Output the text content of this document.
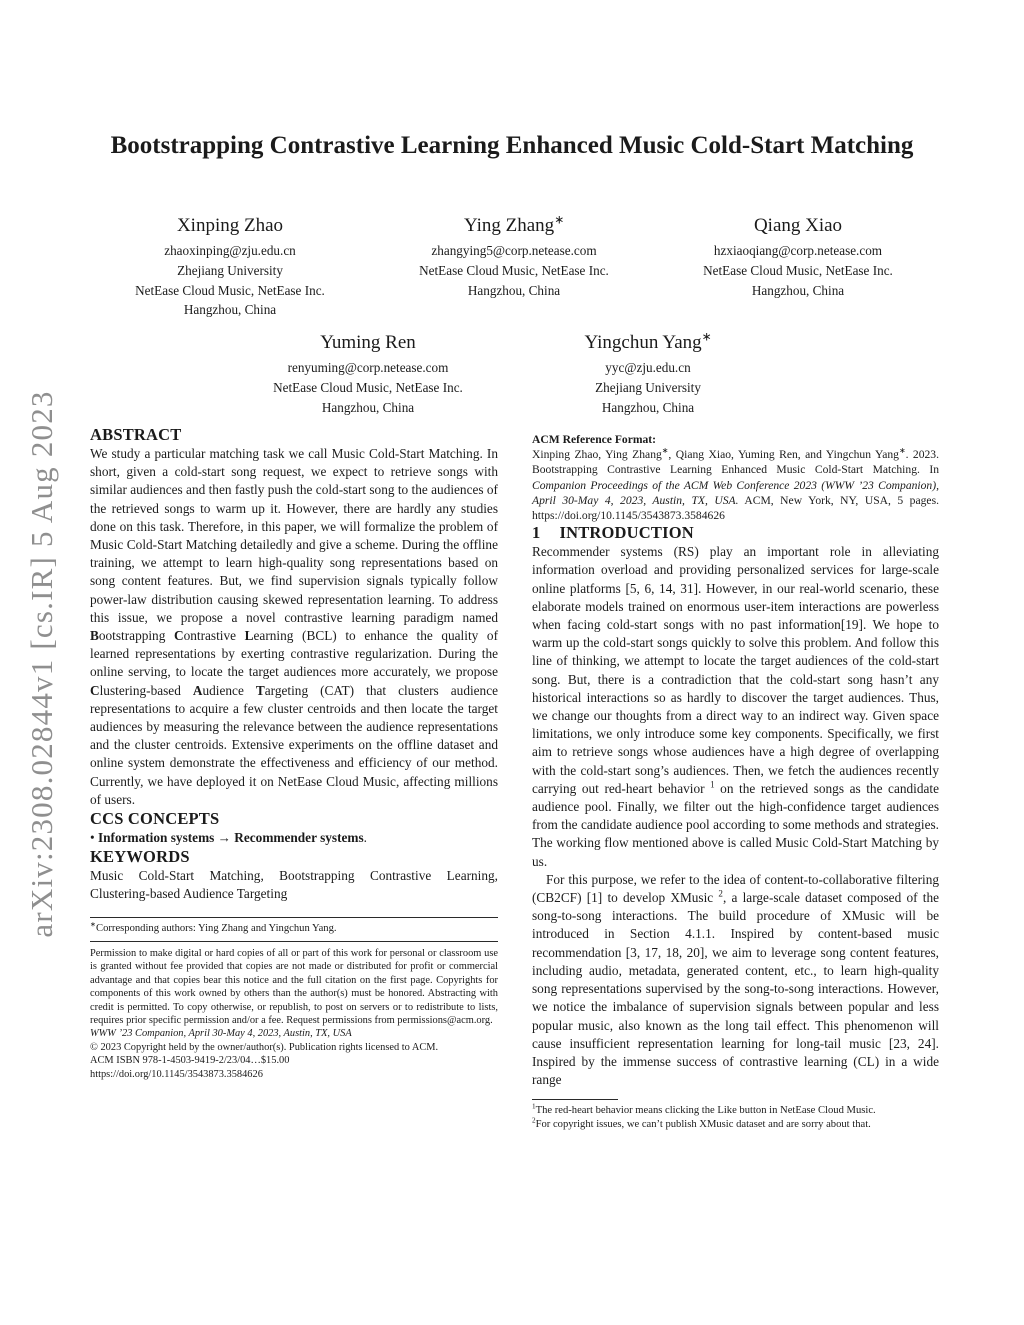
arXiv:2308.02844v1 [cs.IR] 5 Aug 2023
Bootstrapping Contrastive Learning Enhanced Music Cold-Start Matching
Xinping Zhao
zhaoxinping@zju.edu.cn
Zhejiang University
NetEase Cloud Music, NetEase Inc.
Hangzhou, China
Ying Zhang∗
zhangying5@corp.netease.com
NetEase Cloud Music, NetEase Inc.
Hangzhou, China
Qiang Xiao
hzxiaoqiang@corp.netease.com
NetEase Cloud Music, NetEase Inc.
Hangzhou, China
Yuming Ren
renyuming@corp.netease.com
NetEase Cloud Music, NetEase Inc.
Hangzhou, China
Yingchun Yang∗
yyc@zju.edu.cn
Zhejiang University
Hangzhou, China
ABSTRACT

We study a particular matching task we call Music Cold-Start Matching. In short, given a cold-start song request, we expect to retrieve songs with similar audiences and then fastly push the cold-start song to the audiences of the retrieved songs to warm up it. However, there are hardly any studies done on this task. Therefore, in this paper, we will formalize the problem of Music Cold-Start Matching detailedly and give a scheme. During the offline training, we attempt to learn high-quality song representations based on song content features. But, we find supervision signals typically follow power-law distribution causing skewed representation learning. To address this issue, we propose a novel contrastive learning paradigm named Bootstrapping Contrastive Learning (BCL) to enhance the quality of learned representations by exerting contrastive regularization. During the online serving, to locate the target audiences more accurately, we propose Clustering-based Audience Targeting (CAT) that clusters audience representations to acquire a few cluster centroids and then locate the target audiences by measuring the relevance between the audience representations and the cluster centroids. Extensive experiments on the offline dataset and online system demonstrate the effectiveness and efficiency of our method. Currently, we have deployed it on NetEase Cloud Music, affecting millions of users.

CCS CONCEPTS

• Information systems → Recommender systems.

KEYWORDS

Music Cold-Start Matching, Bootstrapping Contrastive Learning, Clustering-based Audience Targeting

∗Corresponding authors: Ying Zhang and Yingchun Yang.

Permission to make digital or hard copies of all or part of this work for personal or classroom use is granted without fee provided that copies are not made or distributed for profit or commercial advantage and that copies bear this notice and the full citation on the first page. Copyrights for components of this work owned by others than the author(s) must be honored. Abstracting with credit is permitted. To copy otherwise, or republish, to post on servers or to redistribute to lists, requires prior specific permission and/or a fee. Request permissions from permissions@acm.org.

WWW ’23 Companion, April 30-May 4, 2023, Austin, TX, USA

© 2023 Copyright held by the owner/author(s). Publication rights licensed to ACM.

ACM ISBN 978-1-4503-9419-2/23/04…$15.00

https://doi.org/10.1145/3543873.3584626

ACM Reference Format:

Xinping Zhao, Ying Zhang∗, Qiang Xiao, Yuming Ren, and Yingchun Yang∗. 2023. Bootstrapping Contrastive Learning Enhanced Music Cold-Start Matching. In Companion Proceedings of the ACM Web Conference 2023 (WWW ’23 Companion), April 30-May 4, 2023, Austin, TX, USA. ACM, New York, NY, USA, 5 pages. https://doi.org/10.1145/3543873.3584626

1 INTRODUCTION

Recommender systems (RS) play an important role in alleviating information overload and providing personalized services for large-scale online platforms [5, 6, 14, 31]. However, in our real-world scenario, these elaborate models trained on enormous user-item interactions are powerless when facing cold-start songs with no past information[19]. We hope to warm up the cold-start songs quickly to solve this problem. And follow this line of thinking, we attempt to locate the target audiences of the cold-start song. But, there is a contradiction that the cold-start song hasn’t any historical interactions so as hardly to discover the target audiences. Thus, we change our thoughts from a direct way to an indirect way. Given space limitations, we only introduce some key components. Specifically, we first aim to retrieve songs whose audiences have a high degree of overlapping with the cold-start song’s audiences. Then, we fetch the audiences recently carrying out red-heart behavior $^1$ on the retrieved songs as the candidate audience pool. Finally, we filter out the high-confidence target audiences from the candidate audience pool according to some methods and strategies. The working flow mentioned above is called Music Cold-Start Matching by us.

For this purpose, we refer to the idea of content-to-collaborative filtering (CB2CF) [1] to develop XMusic $^2$, a large-scale dataset composed of the song-to-song interactions. The build procedure of XMusic will be introduced in Section 4.1.1. Inspired by content-based music recommendation [3, 17, 18, 20], we aim to leverage song content features, including audio, metadata, generated content, etc., to learn high-quality song representations supervised by the song-to-song interactions. However, we notice the imbalance of supervision signals between popular and less popular music, also known as the long tail effect. This phenomenon will cause insufficient representation learning for long-tail music [23, 24]. Inspired by the immense success of contrastive learning (CL) in a wide range

$^1$The red-heart behavior means clicking the Like button in NetEase Cloud Music.

$^2$For copyright issues, we can’t publish XMusic dataset and are sorry about that.
